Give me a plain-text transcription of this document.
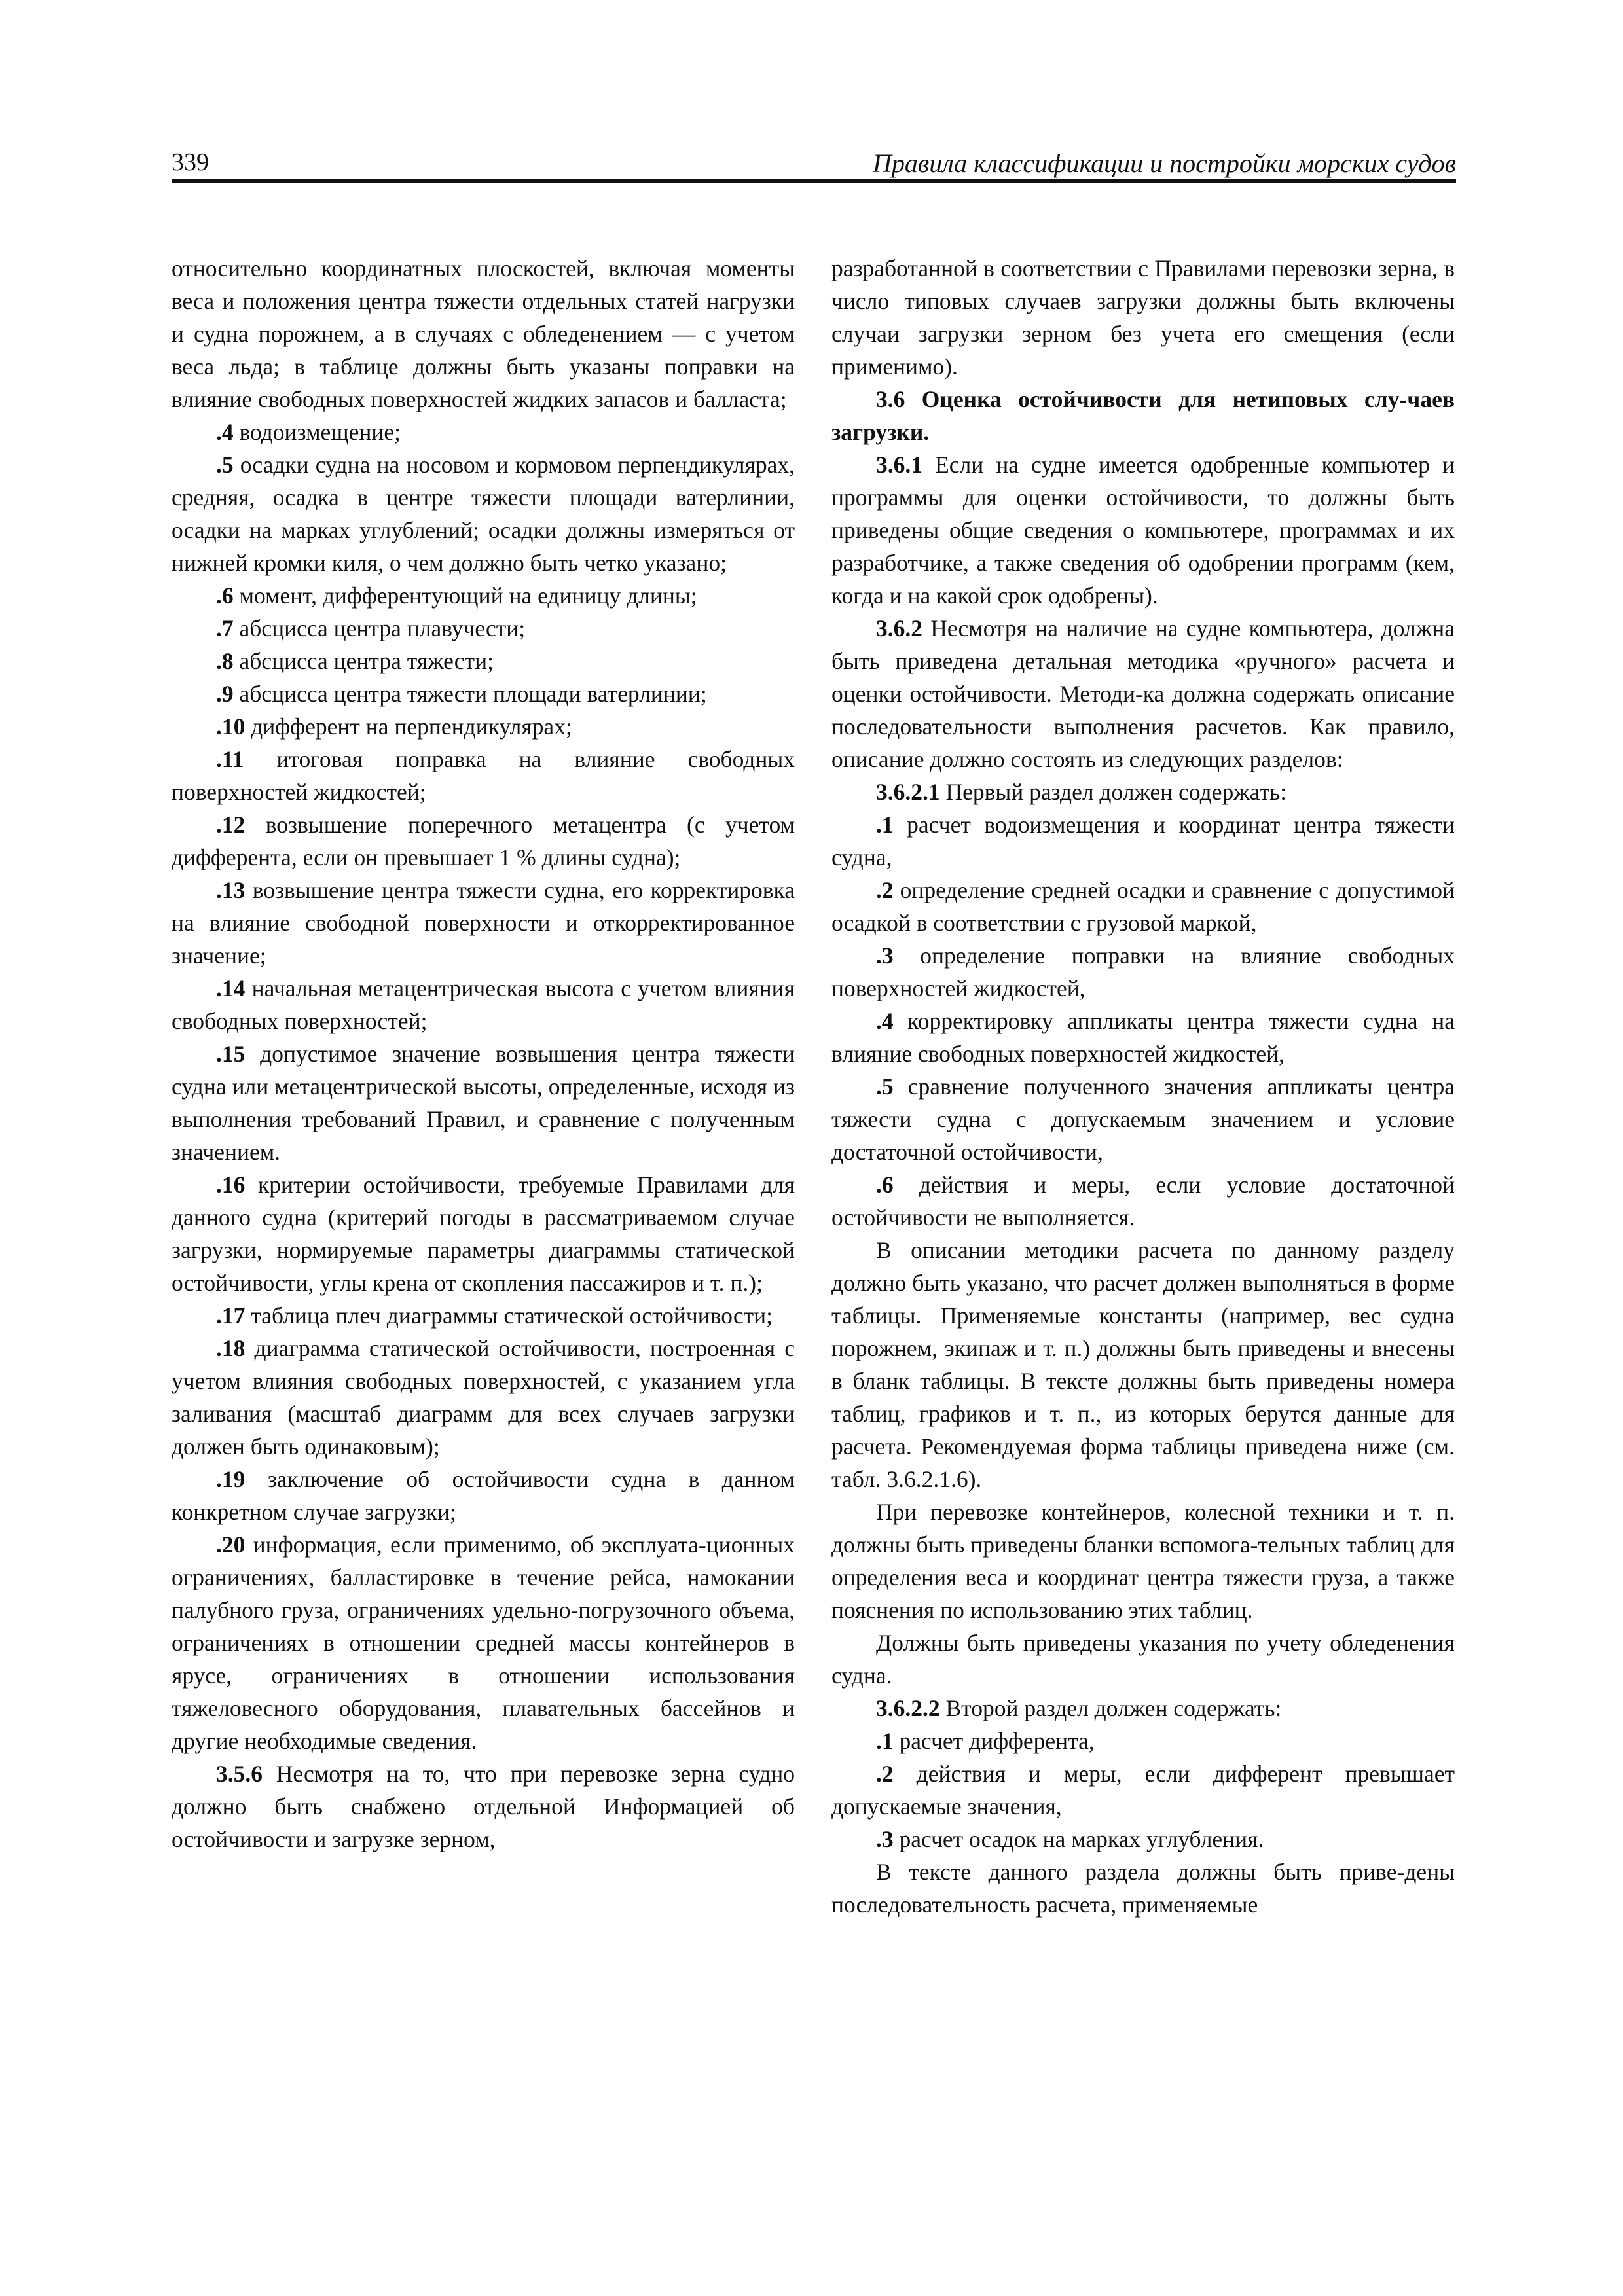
339	Правила классификации и постройки морских судов

относительно координатных плоскостей, включая моменты веса и положения центра тяжести отдельных статей нагрузки и судна порожнем, а в случаях с обледенением — с учетом веса льда; в таблице должны быть указаны поправки на влияние свободных поверхностей жидких запасов и балласта;

.4 водоизмещение;

.5 осадки судна на носовом и кормовом перпендикулярах, средняя, осадка в центре тяжести площади ватерлинии, осадки на марках углублений; осадки должны измеряться от нижней кромки киля, о чем должно быть четко указано;

.6 момент, дифферентующий на единицу длины;

.7 абсцисса центра плавучести;

.8 абсцисса центра тяжести;

.9 абсцисса центра тяжести площади ватерлинии;

.10 дифферент на перпендикулярах;

.11 итоговая поправка на влияние свободных поверхностей жидкостей;

.12 возвышение поперечного метацентра (с учетом дифферента, если он превышает 1 % длины судна);

.13 возвышение центра тяжести судна, его корректировка на влияние свободной поверхности и откорректированное значение;

.14 начальная метацентрическая высота с учетом влияния свободных поверхностей;

.15 допустимое значение возвышения центра тяжести судна или метацентрической высоты, определенные, исходя из выполнения требований Правил, и сравнение с полученным значением.

.16 критерии остойчивости, требуемые Правилами для данного судна (критерий погоды в рассматриваемом случае загрузки, нормируемые параметры диаграммы статической остойчивости, углы крена от скопления пассажиров и т. п.);

.17 таблица плеч диаграммы статической остойчивости;

.18 диаграмма статической остойчивости, построенная с учетом влияния свободных поверхностей, с указанием угла заливания (масштаб диаграмм для всех случаев загрузки должен быть одинаковым);

.19 заключение об остойчивости судна в данном конкретном случае загрузки;

.20 информация, если применимо, об эксплуата-ционных ограничениях, балластировке в течение рейса, намокании палубного груза, ограничениях удельно-погрузочного объема, ограничениях в отношении средней массы контейнеров в ярусе, ограничениях в отношении использования тяжеловесного оборудования, плавательных бассейнов и другие необходимые сведения.

3.5.6 Несмотря на то, что при перевозке зерна судно должно быть снабжено отдельной Информацией об остойчивости и загрузке зерном,

разработанной в соответствии с Правилами перевозки зерна, в число типовых случаев загрузки должны быть включены случаи загрузки зерном без учета его смещения (если применимо).

3.6 Оценка остойчивости для нетиповых слу-чаев загрузки.

3.6.1 Если на судне имеется одобренные компьютер и программы для оценки остойчивости, то должны быть приведены общие сведения о компьютере, программах и их разработчике, а также сведения об одобрении программ (кем, когда и на какой срок одобрены).

3.6.2 Несмотря на наличие на судне компьютера, должна быть приведена детальная методика «ручного» расчета и оценки остойчивости. Методи-ка должна содержать описание последовательности выполнения расчетов. Как правило, описание должно состоять из следующих разделов:

3.6.2.1 Первый раздел должен содержать:

.1 расчет водоизмещения и координат центра тяжести судна,

.2 определение средней осадки и сравнение с допустимой осадкой в соответствии с грузовой маркой,

.3 определение поправки на влияние свободных поверхностей жидкостей,

.4 корректировку аппликаты центра тяжести судна на влияние свободных поверхностей жидкостей,

.5 сравнение полученного значения аппликаты центра тяжести судна с допускаемым значением и условие достаточной остойчивости,

.6 действия и меры, если условие достаточной остойчивости не выполняется.

В описании методики расчета по данному разделу должно быть указано, что расчет должен выполняться в форме таблицы. Применяемые константы (например, вес судна порожнем, экипаж и т. п.) должны быть приведены и внесены в бланк таблицы. В тексте должны быть приведены номера таблиц, графиков и т. п., из которых берутся данные для расчета. Рекомендуемая форма таблицы приведена ниже (см. табл. 3.6.2.1.6).

При перевозке контейнеров, колесной техники и т. п. должны быть приведены бланки вспомога-тельных таблиц для определения веса и координат центра тяжести груза, а также пояснения по использованию этих таблиц.

Должны быть приведены указания по учету обледенения судна.

3.6.2.2 Второй раздел должен содержать:

.1 расчет дифферента,

.2 действия и меры, если дифферент превышает допускаемые значения,

.3 расчет осадок на марках углубления.

В тексте данного раздела должны быть приве-дены последовательность расчета, применяемые
